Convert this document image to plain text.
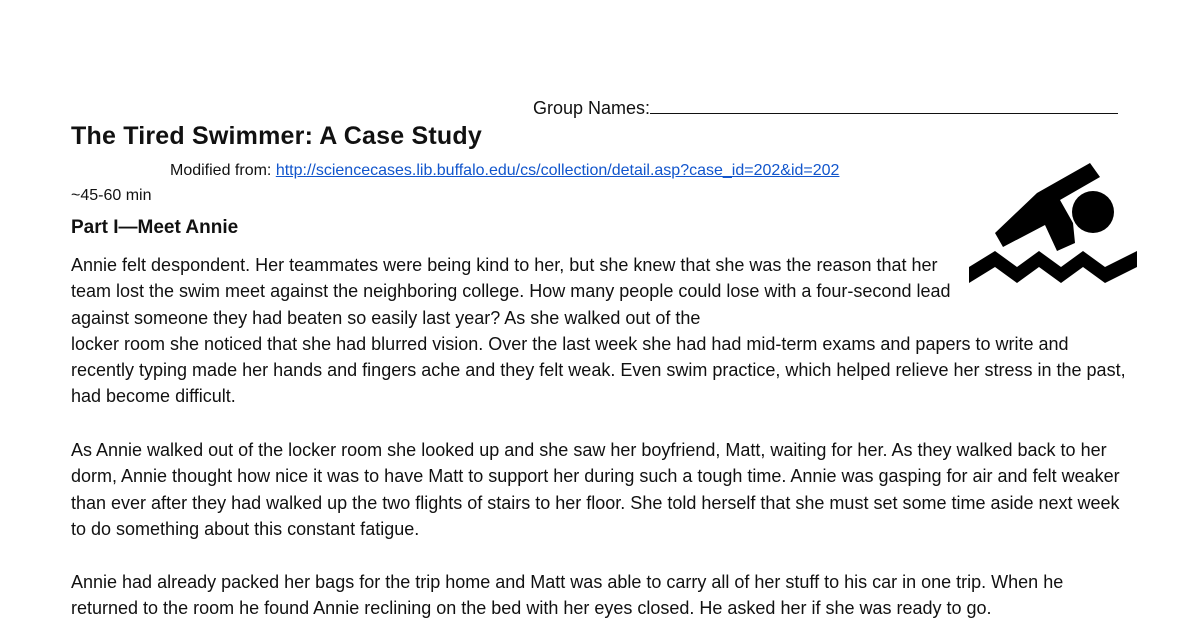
Group Names:
The Tired Swimmer: A Case Study
Modified from: http://sciencecases.lib.buffalo.edu/cs/collection/detail.asp?case_id=202&id=202
~45-60 min
Part I—Meet Annie

Annie felt despondent. Her teammates were being kind to her, but she knew that she was the reason that her team lost the swim meet against the neighboring college. How many people could lose with a four-second lead against someone they had beaten so easily last year? As she walked out of the

locker room she noticed that she had blurred vision. Over the last week she had had mid-term exams and papers to write and recently typing made her hands and fingers ache and they felt weak. Even swim practice, which helped relieve her stress in the past, had become difficult.

As Annie walked out of the locker room she looked up and she saw her boyfriend, Matt, waiting for her. As they walked back to her dorm, Annie thought how nice it was to have Matt to support her during such a tough time. Annie was gasping for air and felt weaker than ever after they had walked up the two flights of stairs to her floor. She told herself that she must set some time aside next week to do something about this constant fatigue.

Annie had already packed her bags for the trip home and Matt was able to carry all of her stuff to his car in one trip. When he returned to the room he found Annie reclining on the bed with her eyes closed. He asked her if she was ready to go.
